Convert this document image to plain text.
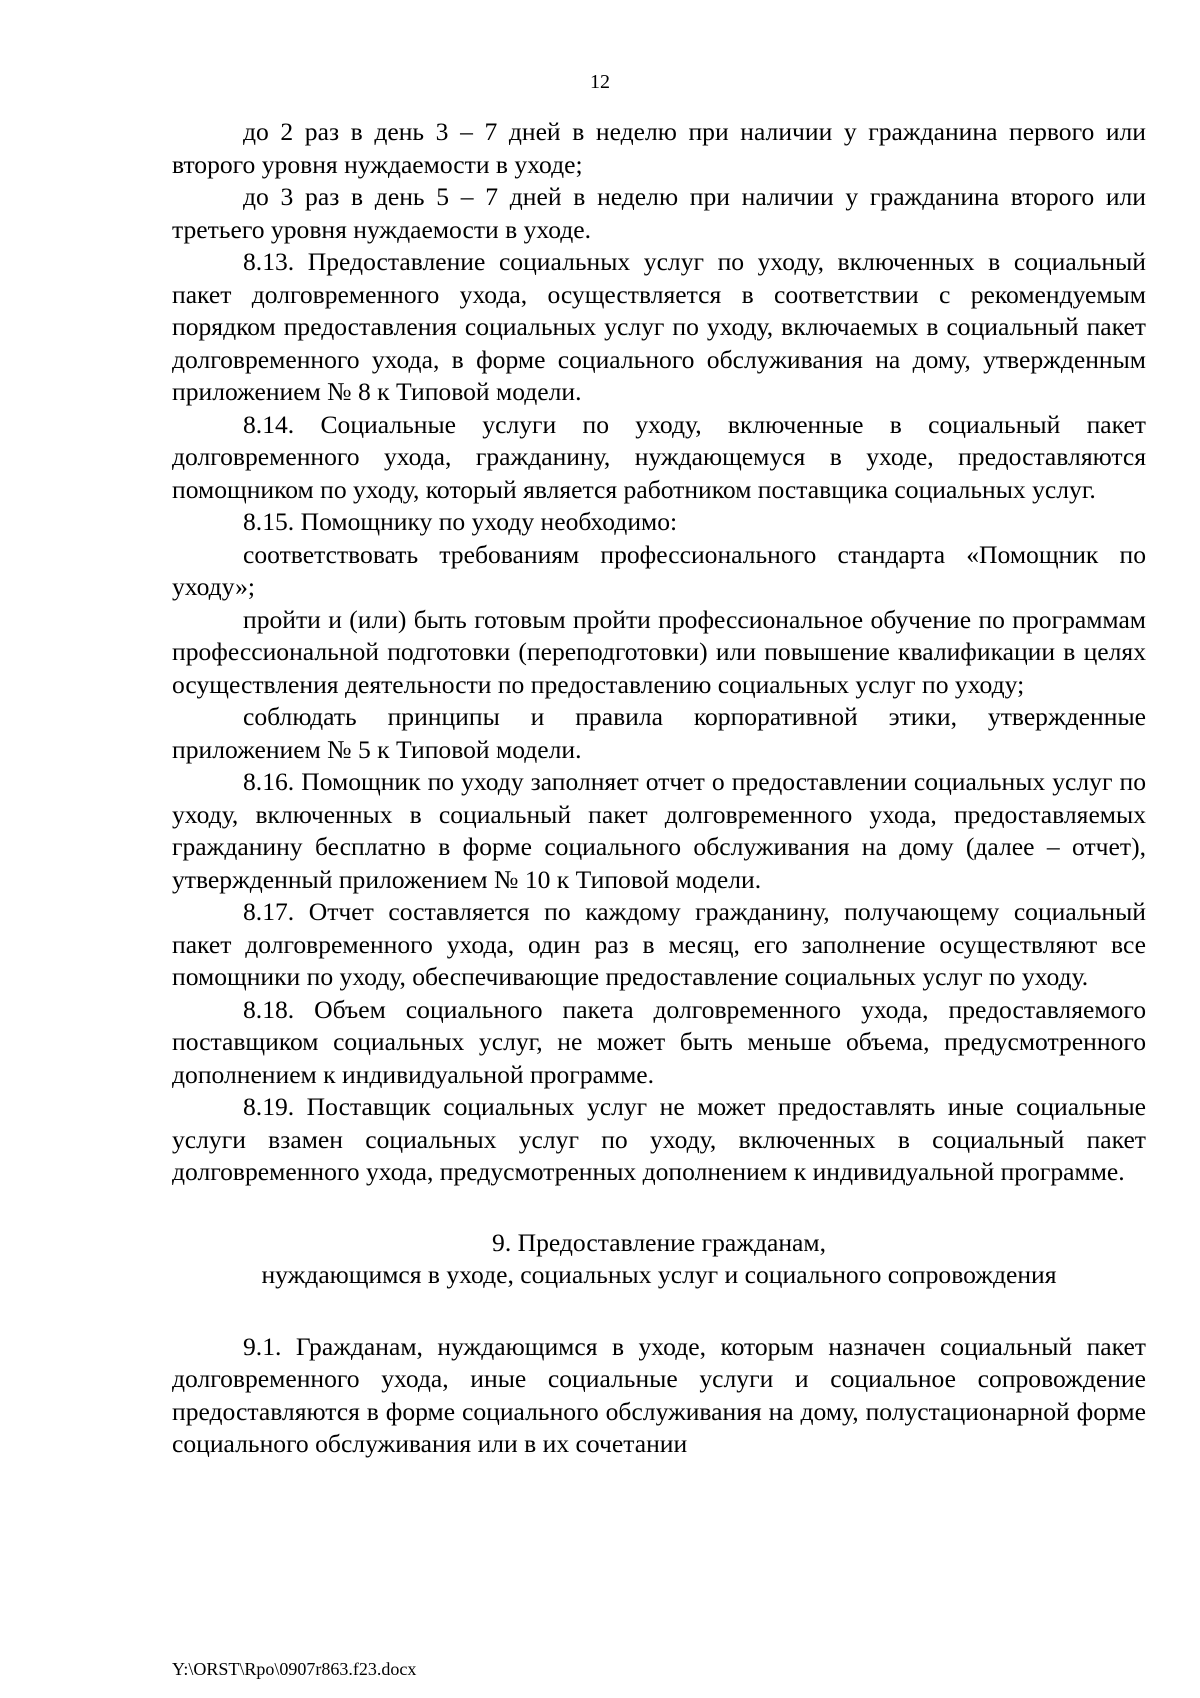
12

до 2 раз в день 3 – 7 дней в неделю при наличии у гражданина первого или второго уровня нуждаемости в уходе;

до 3 раз в день 5 – 7 дней в неделю при наличии у гражданина второго или третьего уровня нуждаемости в уходе.

8.13. Предоставление социальных услуг по уходу, включенных в социальный пакет долговременного ухода, осуществляется в соответствии с рекомендуемым порядком предоставления социальных услуг по уходу, включаемых в социальный пакет долговременного ухода, в форме социального обслуживания на дому, утвержденным приложением № 8 к Типовой модели.

8.14. Социальные услуги по уходу, включенные в социальный пакет долговременного ухода, гражданину, нуждающемуся в уходе, предоставляются помощником по уходу, который является работником поставщика социальных услуг.

8.15. Помощнику по уходу необходимо:

соответствовать требованиям профессионального стандарта «Помощник по уходу»;

пройти и (или) быть готовым пройти профессиональное обучение по программам профессиональной подготовки (переподготовки) или повышение квалификации в целях осуществления деятельности по предоставлению социальных услуг по уходу;

соблюдать принципы и правила корпоративной этики, утвержденные приложением № 5 к Типовой модели.

8.16. Помощник по уходу заполняет отчет о предоставлении социальных услуг по уходу, включенных в социальный пакет долговременного ухода, предоставляемых гражданину бесплатно в форме социального обслуживания на дому (далее – отчет), утвержденный приложением № 10 к Типовой модели.

8.17. Отчет составляется по каждому гражданину, получающему социальный пакет долговременного ухода, один раз в месяц, его заполнение осуществляют все помощники по уходу, обеспечивающие предоставление социальных услуг по уходу.

8.18. Объем социального пакета долговременного ухода, предоставляемого поставщиком социальных услуг, не может быть меньше объема, предусмотренного дополнением к индивидуальной программе.

8.19. Поставщик социальных услуг не может предоставлять иные социальные услуги взамен социальных услуг по уходу, включенных в социальный пакет долговременного ухода, предусмотренных дополнением к индивидуальной программе.

9. Предоставление гражданам,
нуждающимся в уходе, социальных услуг и социального сопровождения

9.1. Гражданам, нуждающимся в уходе, которым назначен социальный пакет долговременного ухода, иные социальные услуги и социальное сопровождение предоставляются в форме социального обслуживания на дому, полустационарной форме социального обслуживания или в их сочетании

Y:\ORST\Rpo\0907r863.f23.docx
